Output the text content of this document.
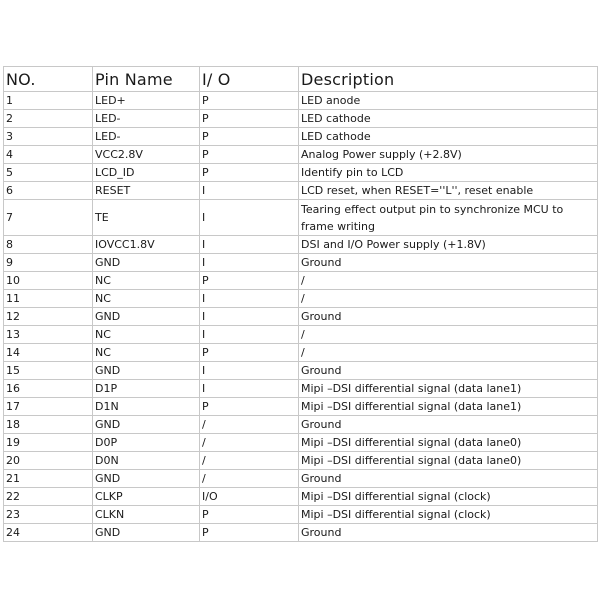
NO.	Pin Name	I/ O	Description
1	LED+	P	LED anode
2	LED-	P	LED cathode
3	LED-	P	LED cathode
4	VCC2.8V	P	Analog Power supply (+2.8V)
5	LCD_ID	P	Identify pin to LCD
6	RESET	I	LCD reset, when RESET=''L'', reset enable
7	TE	I	Tearing effect output pin to synchronize MCU to frame writing
8	IOVCC1.8V	I	DSI and I/O Power supply (+1.8V)
9	GND	I	Ground
10	NC	P	/
11	NC	I	/
12	GND	I	Ground
13	NC	I	/
14	NC	P	/
15	GND	I	Ground
16	D1P	I	Mipi –DSI differential signal (data lane1)
17	D1N	P	Mipi –DSI differential signal (data lane1)
18	GND	/	Ground
19	D0P	/	Mipi –DSI differential signal (data lane0)
20	D0N	/	Mipi –DSI differential signal (data lane0)
21	GND	/	Ground
22	CLKP	I/O	Mipi –DSI differential signal (clock)
23	CLKN	P	Mipi –DSI differential signal (clock)
24	GND	P	Ground
